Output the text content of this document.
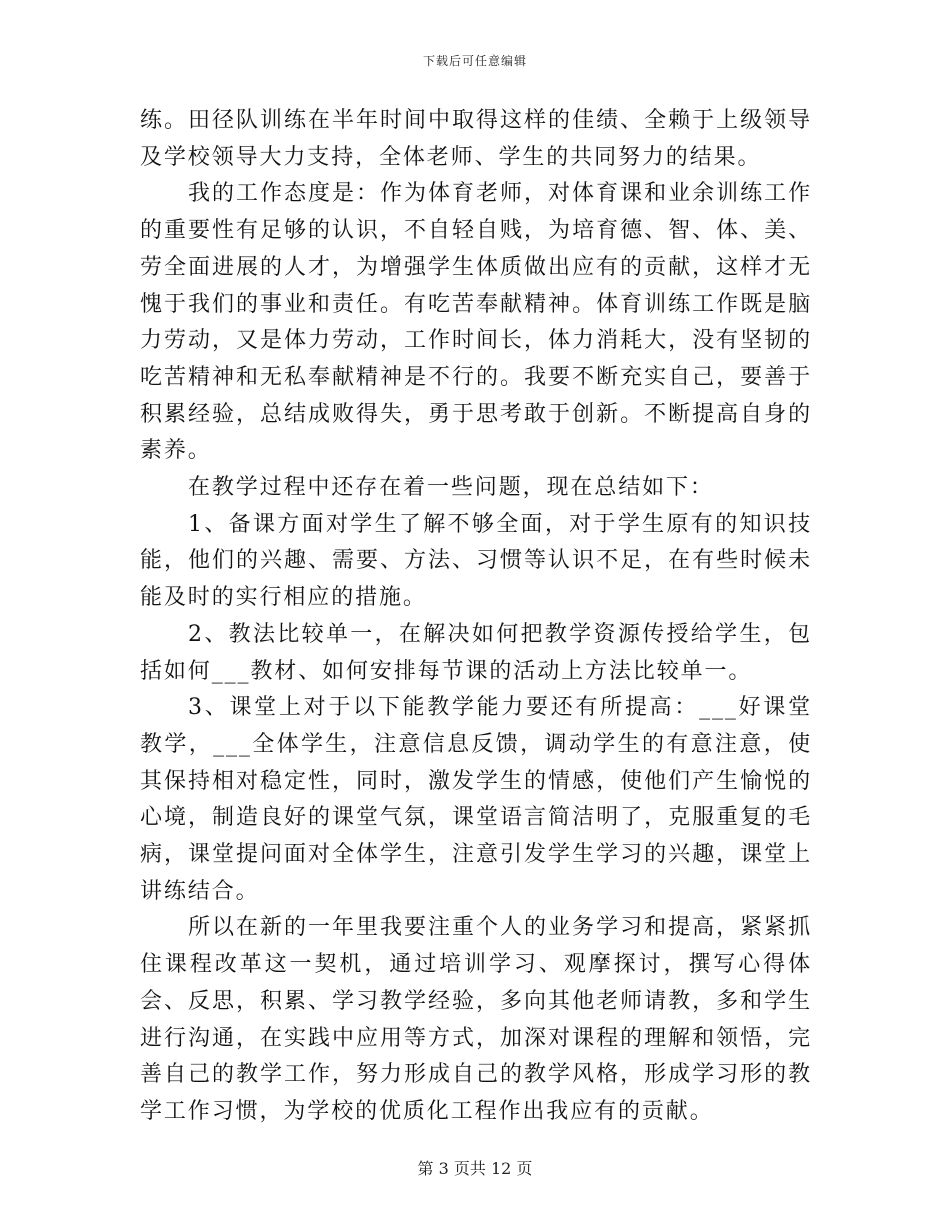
下载后可任意编辑

练。田径队训练在半年时间中取得这样的佳绩、全赖于上级领导及学校领导大力支持，全体老师、学生的共同努力的结果。

我的工作态度是：作为体育老师，对体育课和业余训练工作的重要性有足够的认识，不自轻自贱，为培育德、智、体、美、劳全面进展的人才，为增强学生体质做出应有的贡献，这样才无愧于我们的事业和责任。有吃苦奉献精神。体育训练工作既是脑力劳动，又是体力劳动，工作时间长，体力消耗大，没有坚韧的吃苦精神和无私奉献精神是不行的。我要不断充实自己，要善于积累经验，总结成败得失，勇于思考敢于创新。不断提高自身的素养。

在教学过程中还存在着一些问题，现在总结如下：

1、备课方面对学生了解不够全面，对于学生原有的知识技能，他们的兴趣、需要、方法、习惯等认识不足，在有些时候未能及时的实行相应的措施。

2、教法比较单一，在解决如何把教学资源传授给学生，包括如何___教材、如何安排每节课的活动上方法比较单一。

3、课堂上对于以下能教学能力要还有所提高：___好课堂教学，___全体学生，注意信息反馈，调动学生的有意注意，使其保持相对稳定性，同时，激发学生的情感，使他们产生愉悦的心境，制造良好的课堂气氛，课堂语言简洁明了，克服重复的毛病，课堂提问面对全体学生，注意引发学生学习的兴趣，课堂上讲练结合。

所以在新的一年里我要注重个人的业务学习和提高，紧紧抓住课程改革这一契机，通过培训学习、观摩探讨，撰写心得体会、反思，积累、学习教学经验，多向其他老师请教，多和学生进行沟通，在实践中应用等方式，加深对课程的理解和领悟，完善自己的教学工作，努力形成自己的教学风格，形成学习形的教学工作习惯，为学校的优质化工程作出我应有的贡献。

第 3 页共 12 页
